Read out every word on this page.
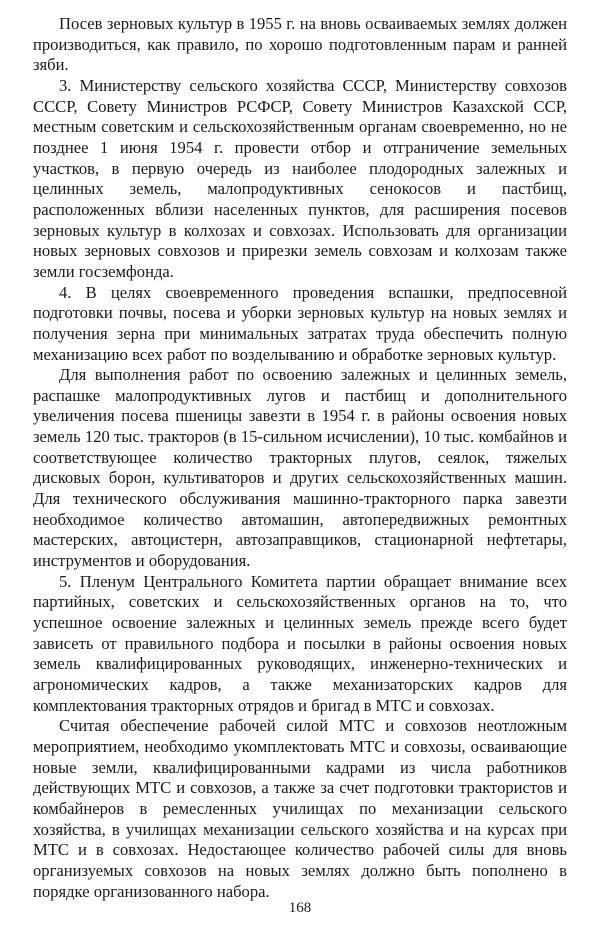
Посев зерновых культур в 1955 г. на вновь осваиваемых землях должен производиться, как правило, по хорошо подготовленным парам и ранней зяби.

3. Министерству сельского хозяйства СССР, Министерству совхозов СССР, Совету Министров РСФСР, Совету Министров Казахской ССР, местным советским и сельскохозяйственным органам своевременно, но не позднее 1 июня 1954 г. провести отбор и отграничение земельных участков, в первую очередь из наиболее плодородных залежных и целинных земель, малопродуктивных сенокосов и пастбищ, расположенных вблизи населенных пунктов, для расширения посевов зерновых культур в колхозах и совхозах. Использовать для организации новых зерновых совхозов и прирезки земель совхозам и колхозам также земли госземфонда.

4. В целях своевременного проведения вспашки, предпосевной подготовки почвы, посева и уборки зерновых культур на новых землях и получения зерна при минимальных затратах труда обеспечить полную механизацию всех работ по возделыванию и обработке зерновых культур.

Для выполнения работ по освоению залежных и целинных земель, распашке малопродуктивных лугов и пастбищ и дополнительного увеличения посева пшеницы завезти в 1954 г. в районы освоения новых земель 120 тыс. тракторов (в 15-сильном исчислении), 10 тыс. комбайнов и соответствующее количество тракторных плугов, сеялок, тяжелых дисковых борон, культиваторов и других сельскохозяйственных машин. Для технического обслуживания машинно-тракторного парка завезти необходимое количество автомашин, автопередвижных ремонтных мастерских, автоцистерн, автозаправщиков, стационарной нефтетары, инструментов и оборудования.

5. Пленум Центрального Комитета партии обращает внимание всех партийных, советских и сельскохозяйственных органов на то, что успешное освоение залежных и целинных земель прежде всего будет зависеть от правильного подбора и посылки в районы освоения новых земель квалифицированных руководящих, инженерно-технических и агрономических кадров, а также механизаторских кадров для комплектования тракторных отрядов и бригад в МТС и совхозах.

Считая обеспечение рабочей силой МТС и совхозов неотложным мероприятием, необходимо укомплектовать МТС и совхозы, осваивающие новые земли, квалифицированными кадрами из числа работников действующих МТС и совхозов, а также за счет подготовки трактористов и комбайнеров в ремесленных училищах по механизации сельского хозяйства, в училищах механизации сельского хозяйства и на курсах при МТС и в совхозах. Недостающее количество рабочей силы для вновь организуемых совхозов на новых землях должно быть пополнено в порядке организованного набора.

168
